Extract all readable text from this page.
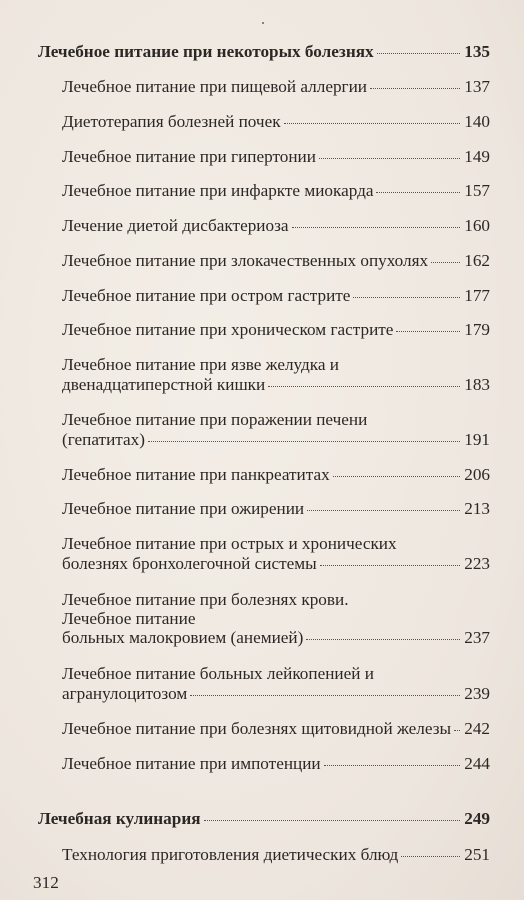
Лечебное питание при некоторых болезнях	135
Лечебное питание при пищевой аллергии	137
Диетотерапия болезней почек	140
Лечебное питание при гипертонии	149
Лечебное питание при инфаркте миокарда	157
Лечение диетой дисбактериоза	160
Лечебное питание при злокачественных опухолях 162
Лечебное питание при остром гастрите	177
Лечебное питание при хроническом гастрите	179
Лечебное питание при язве желудка и
двенадцатиперстной кишки	183
Лечебное питание при поражении печени
(гепатитах)	191
Лечебное питание при панкреатитах	206
Лечебное питание при ожирении	213
Лечебное питание при острых и хронических
болезнях бронхолегочной системы	223
Лечебное питание при болезнях крови.
Лечебное питание
больных малокровием (анемией)	237
Лечебное питание больных лейкопенией и
агранулоцитозом	239
Лечебное питание при болезнях щитовидной железы 242
Лечебное питание при импотенции	244
Лечебная кулинария	249
Технология приготовления диетических блюд	251
312
